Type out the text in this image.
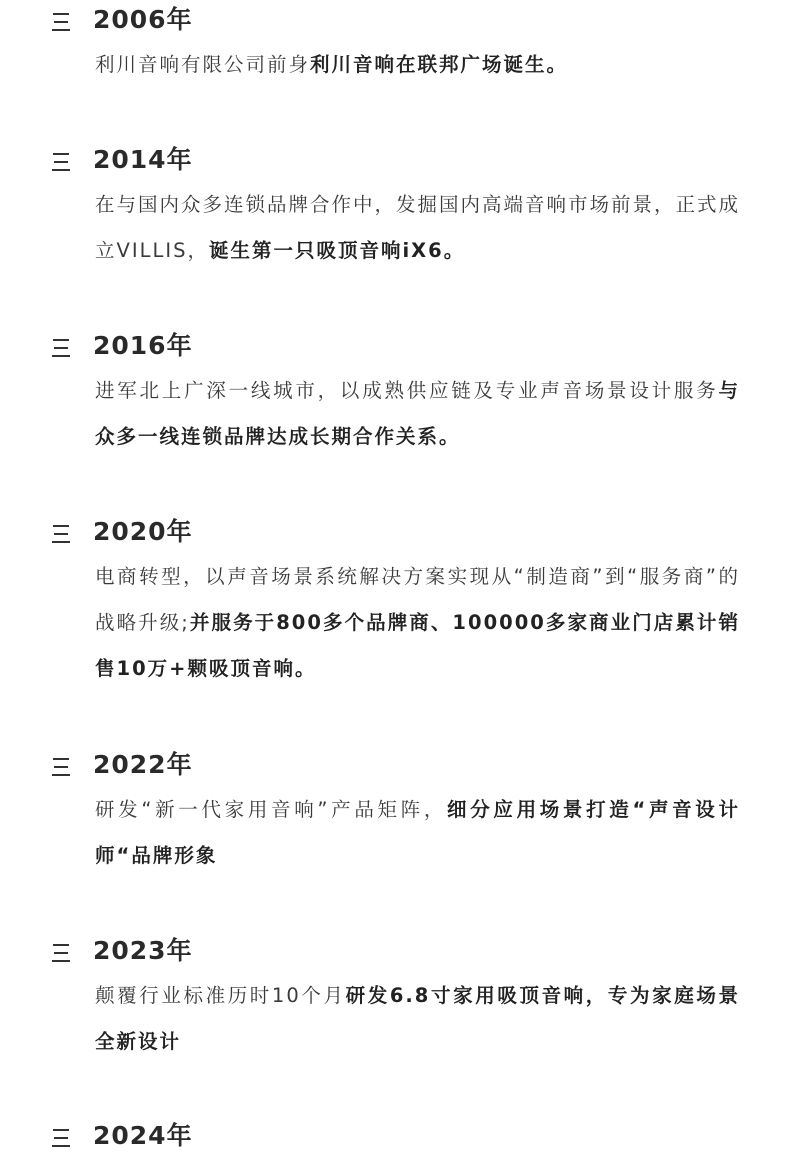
2006年
利川音响有限公司前身利川音响在联邦广场诞生。
2014年
在与国内众多连锁品牌合作中，发掘国内高端音响市场前景，正式成立VILLIS，诞生第一只吸顶音响iX6。
2016年
进军北上广深一线城市，以成熟供应链及专业声音场景设计服务与众多一线连锁品牌达成长期合作关系。
2020年
电商转型，以声音场景系统解决方案实现从“制造商”到“服务商”的战略升级;并服务于800多个品牌商、100000多家商业门店累计销售10万+颗吸顶音响。
2022年
研发“新一代家用音响”产品矩阵，细分应用场景打造“声音设计师“品牌形象
2023年
颠覆行业标准历时10个月研发6.8寸家用吸顶音响，专为家庭场景全新设计
2024年
